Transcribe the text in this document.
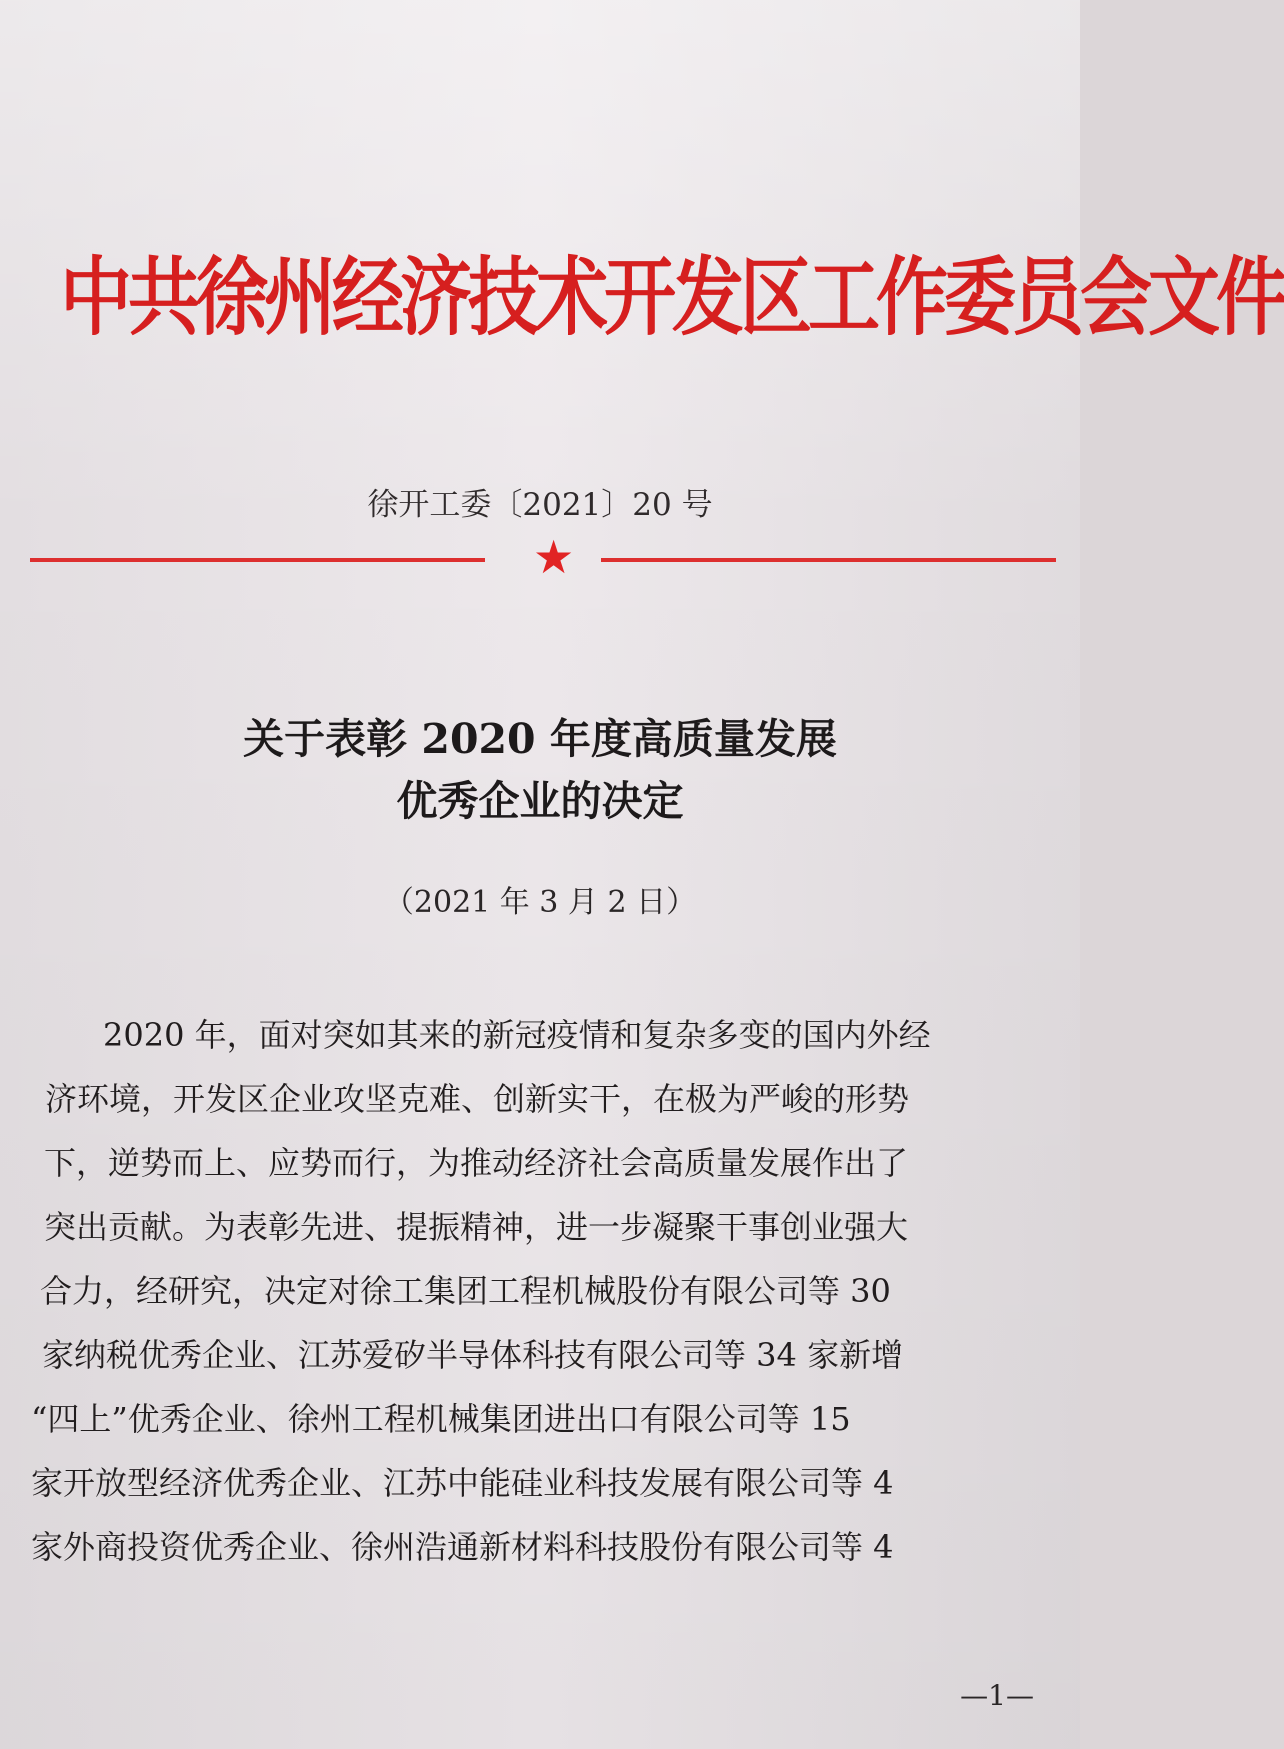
中共徐州经济技术开发区工作委员会文件
徐开工委〔2021〕20 号
★
关于表彰 2020 年度高质量发展
优秀企业的决定
（2021 年 3 月 2 日）
2020 年，面对突如其来的新冠疫情和复杂多变的国内外经
济环境，开发区企业攻坚克难、创新实干，在极为严峻的形势
下，逆势而上、应势而行，为推动经济社会高质量发展作出了
突出贡献。为表彰先进、提振精神，进一步凝聚干事创业强大
合力，经研究，决定对徐工集团工程机械股份有限公司等 30
家纳税优秀企业、江苏爱矽半导体科技有限公司等 34 家新增
“四上”优秀企业、徐州工程机械集团进出口有限公司等 15
家开放型经济优秀企业、江苏中能硅业科技发展有限公司等 4
家外商投资优秀企业、徐州浩通新材料科技股份有限公司等 4
—1—
